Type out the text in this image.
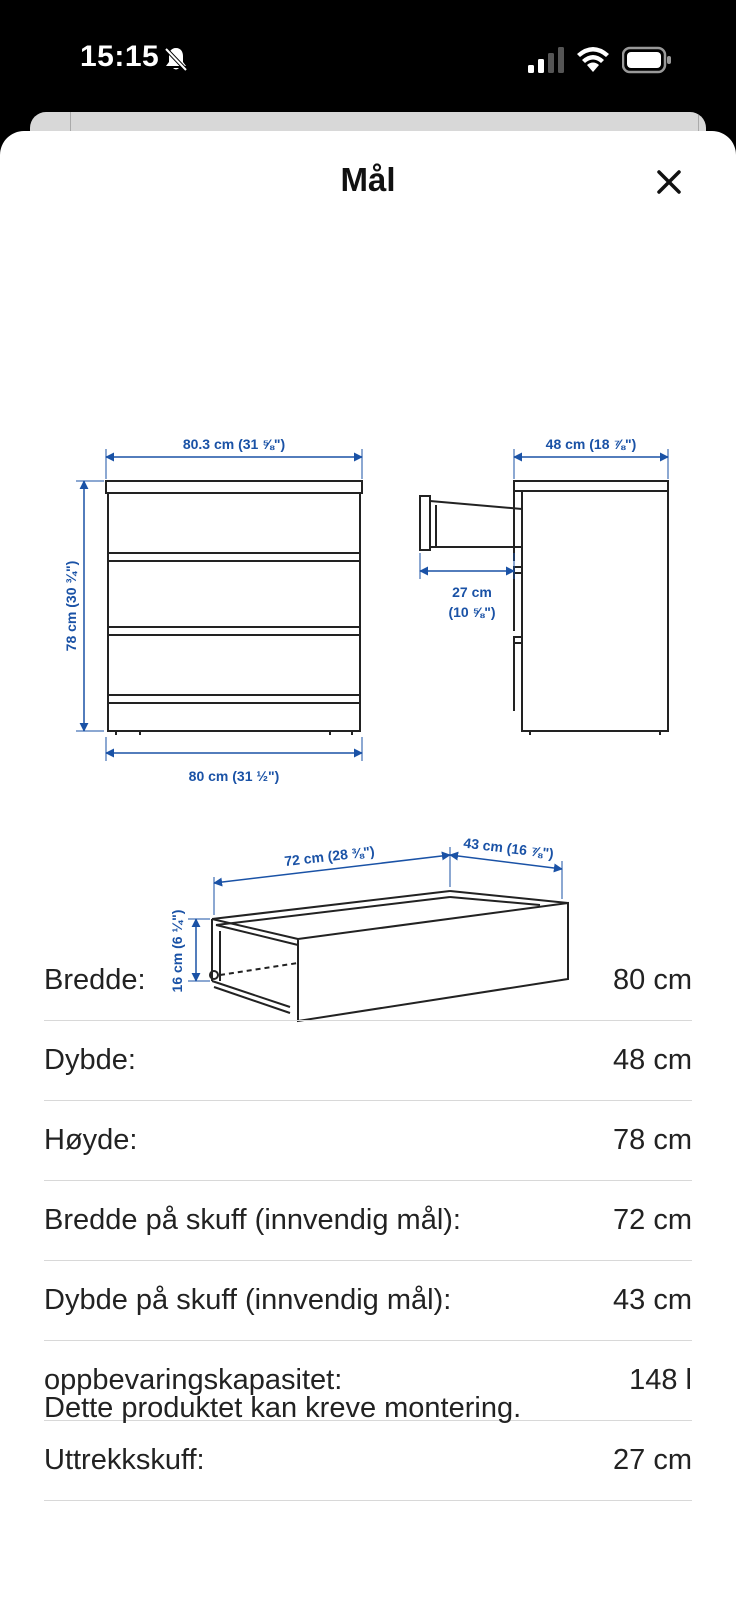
15:15
Mål
80.3 cm (31 ⅝")
78 cm (30 ¾")
80 cm (31 ½")
48 cm (18 ⅞")
27 cm
(10 ⅝")
72 cm (28 ⅜")	43 cm (16 ⅞")
16 cm (6 ¼")
Bredde:	80 cm
Dybde:	48 cm
Høyde:	78 cm
Bredde på skuff (innvendig mål):	72 cm
Dybde på skuff (innvendig mål):	43 cm
oppbevaringskapasitet:	148 l
Uttrekkskuff:	27 cm
Dette produktet kan kreve montering.
